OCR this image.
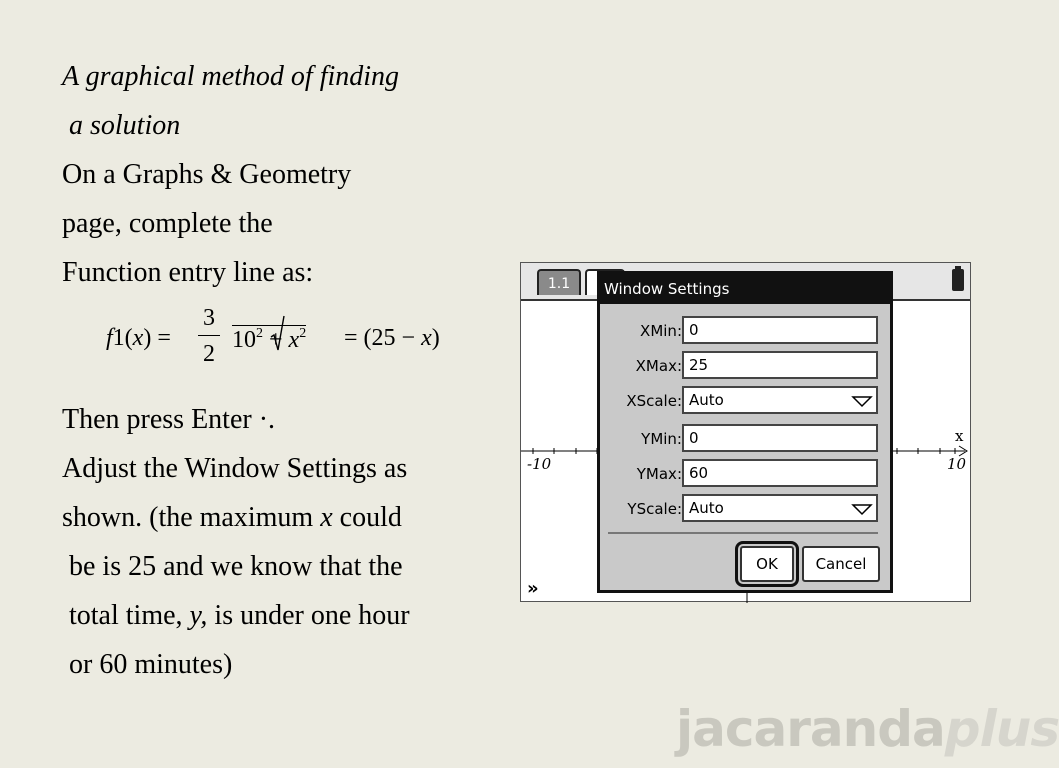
A graphical method of finding
a solution
On a Graphs & Geometry
page, complete the
Function entry line as:
Then press Enter ·.
Adjust the Window Settings as
shown. (the maximum x could
be is 25 and we know that the
total time, y, is under one hour
or 60 minutes)
f1(x) =
3
2
$10^2 + x^2 = (25 - x)$
1.1
-10	10
x
»
Window Settings
XMin: 0
XMax: 25
XScale: Auto
YMin: 0
YMax: 60
YScale: Auto
OK	Cancel
jacarandaplus
